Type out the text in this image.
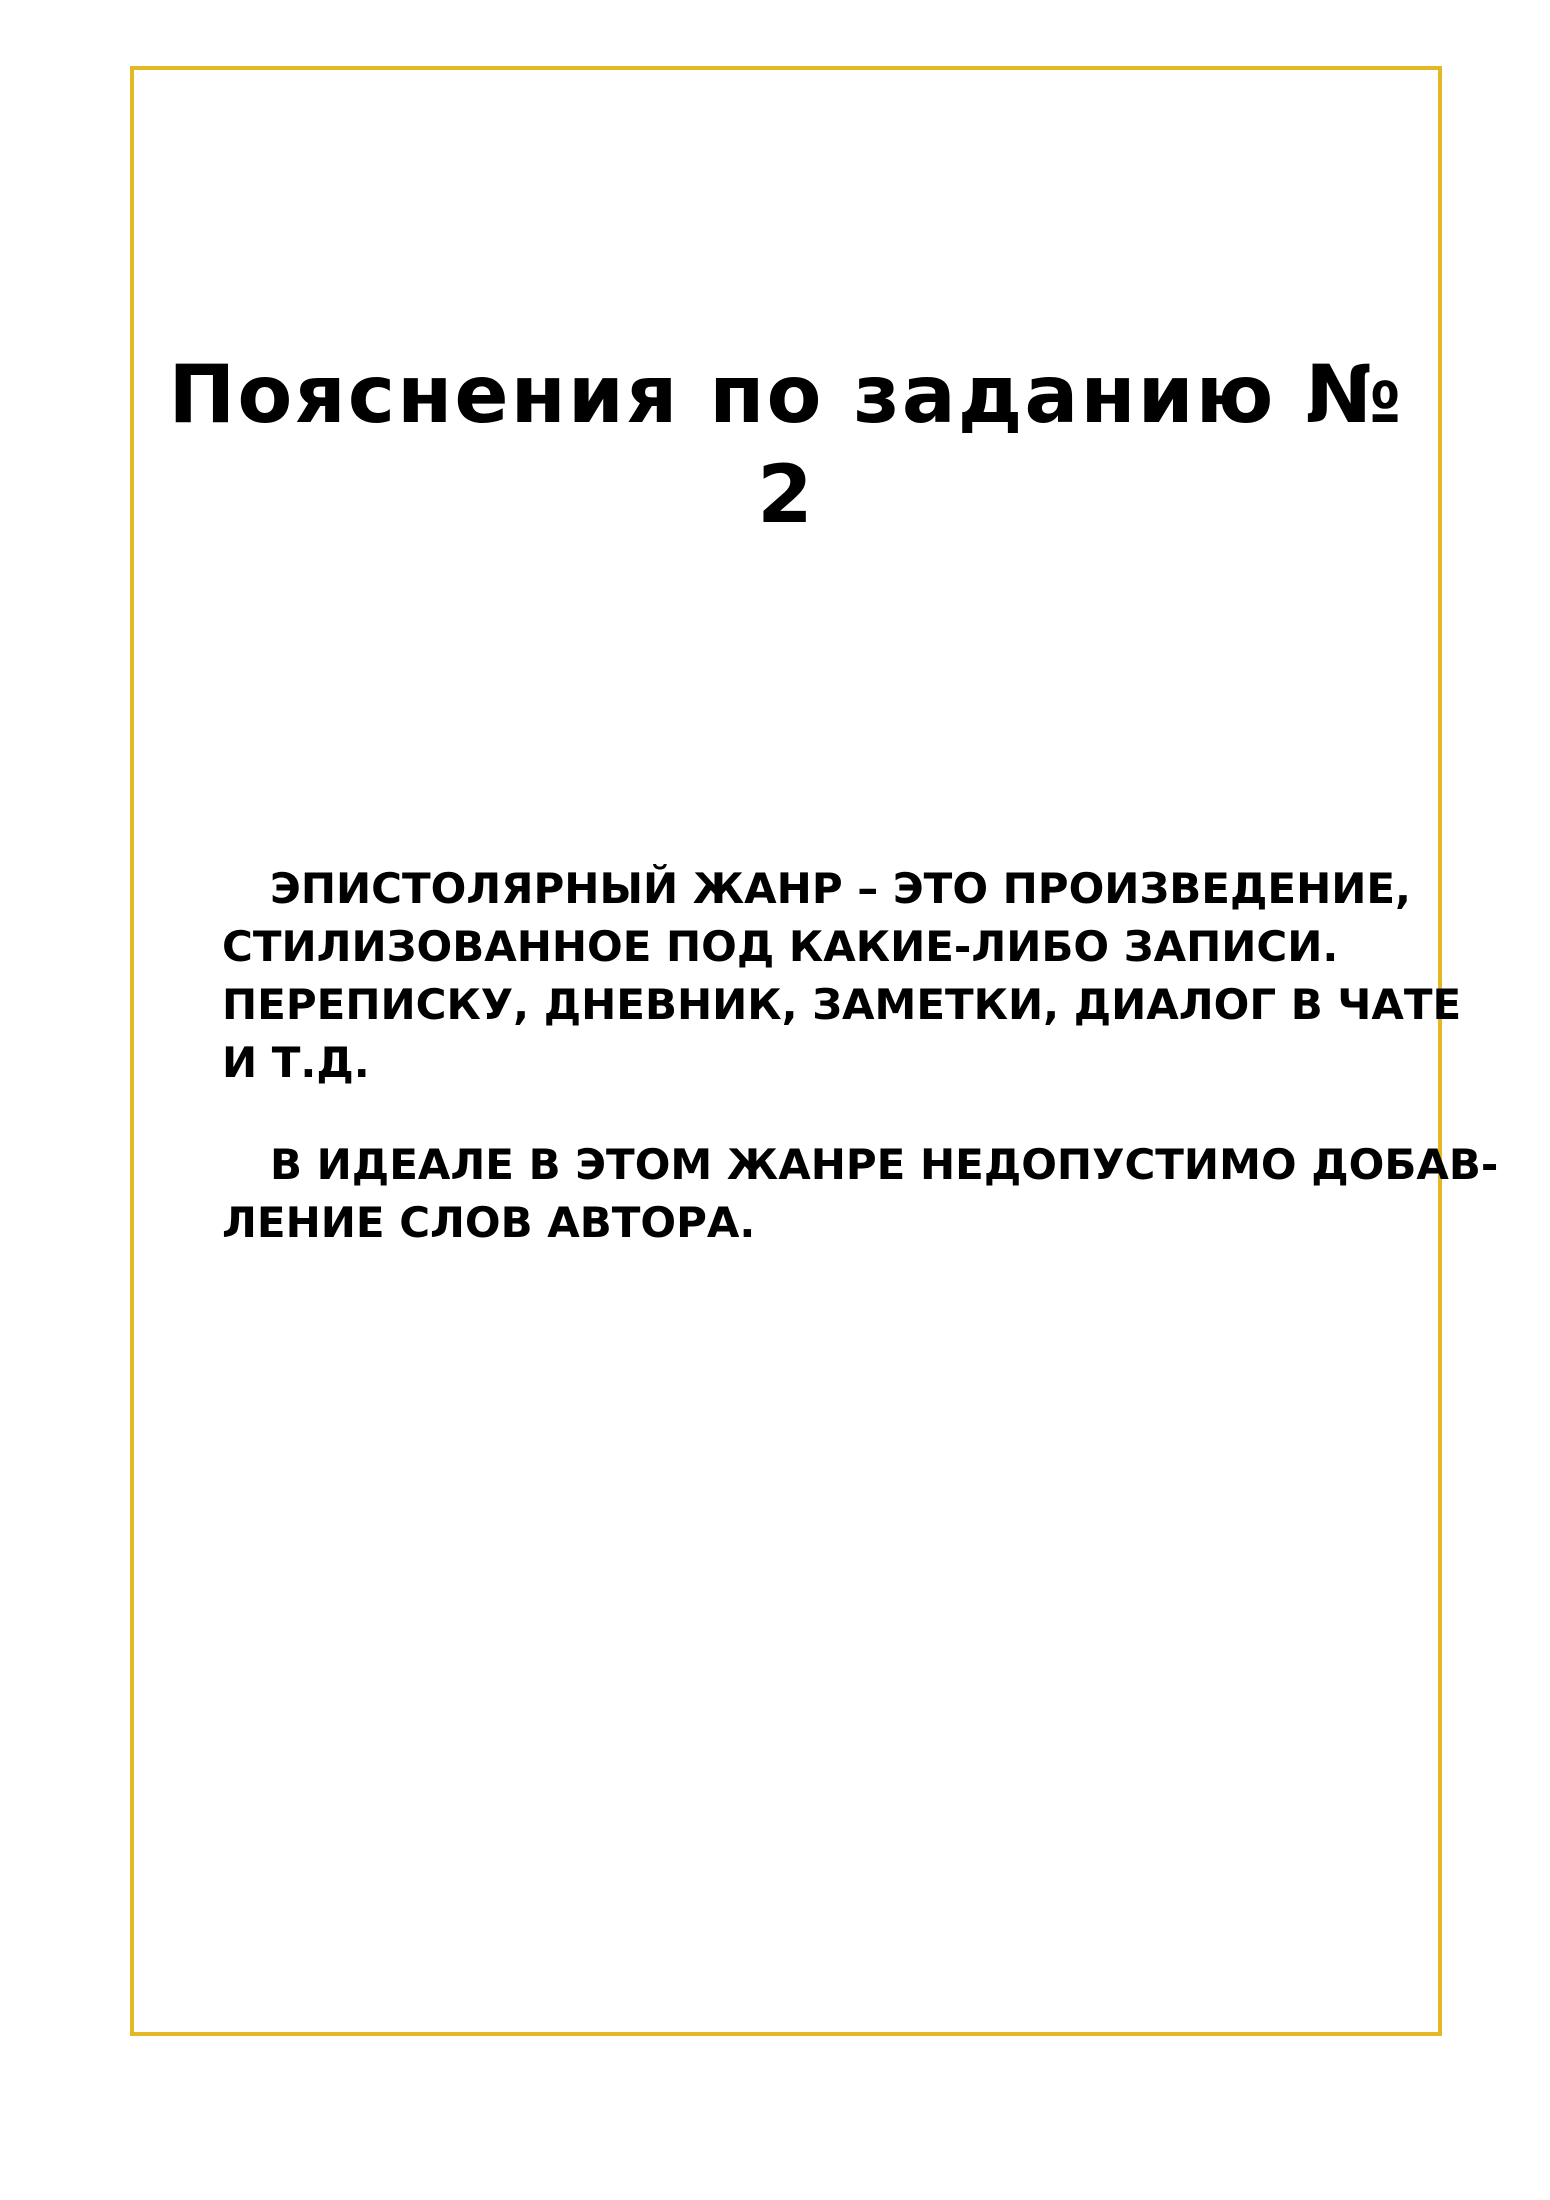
Пояснения по заданию № 2

ЭПИСТОЛЯРНЫЙ ЖАНР – ЭТО ПРОИЗВЕДЕНИЕ,
СТИЛИЗОВАННОЕ ПОД КАКИЕ-ЛИБО ЗАПИСИ.
ПЕРЕПИСКУ, ДНЕВНИК, ЗАМЕТКИ, ДИАЛОГ В ЧАТЕ
И Т.Д.

В ИДЕАЛЕ В ЭТОМ ЖАНРЕ НЕДОПУСТИМО ДОБАВ-
ЛЕНИЕ СЛОВ АВТОРА.
